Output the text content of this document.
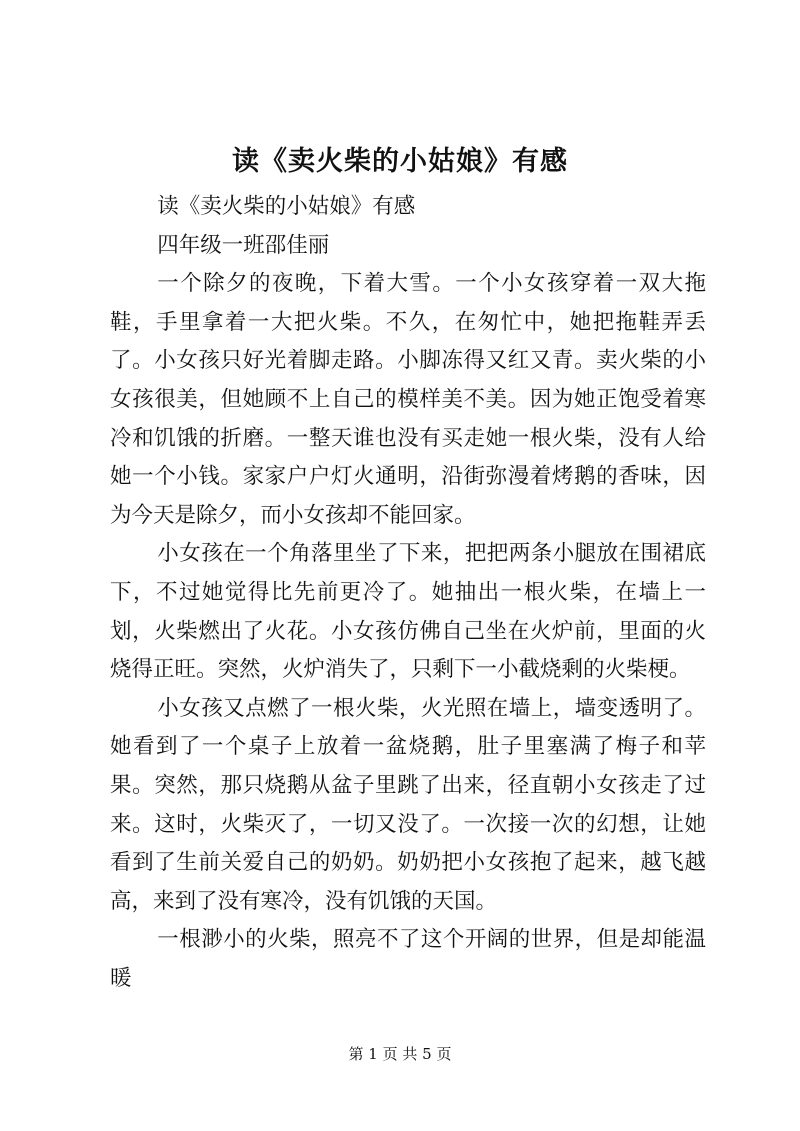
读《卖火柴的小姑娘》有感

读《卖火柴的小姑娘》有感

四年级一班邵佳丽

一个除夕的夜晚，下着大雪。一个小女孩穿着一双大拖鞋，手里拿着一大把火柴。不久，在匆忙中，她把拖鞋弄丢了。小女孩只好光着脚走路。小脚冻得又红又青。卖火柴的小女孩很美，但她顾不上自己的模样美不美。因为她正饱受着寒冷和饥饿的折磨。一整天谁也没有买走她一根火柴，没有人给她一个小钱。家家户户灯火通明，沿街弥漫着烤鹅的香味，因为今天是除夕，而小女孩却不能回家。

小女孩在一个角落里坐了下来，把把两条小腿放在围裙底下，不过她觉得比先前更冷了。她抽出一根火柴，在墙上一划，火柴燃出了火花。小女孩仿佛自己坐在火炉前，里面的火烧得正旺。突然，火炉消失了，只剩下一小截烧剩的火柴梗。

小女孩又点燃了一根火柴，火光照在墙上，墙变透明了。她看到了一个桌子上放着一盆烧鹅，肚子里塞满了梅子和苹果。突然，那只烧鹅从盆子里跳了出来，径直朝小女孩走了过来。这时，火柴灭了，一切又没了。一次接一次的幻想，让她看到了生前关爱自己的奶奶。奶奶把小女孩抱了起来，越飞越高，来到了没有寒冷，没有饥饿的天国。

一根渺小的火柴，照亮不了这个开阔的世界，但是却能温暖

第 1 页 共 5 页
